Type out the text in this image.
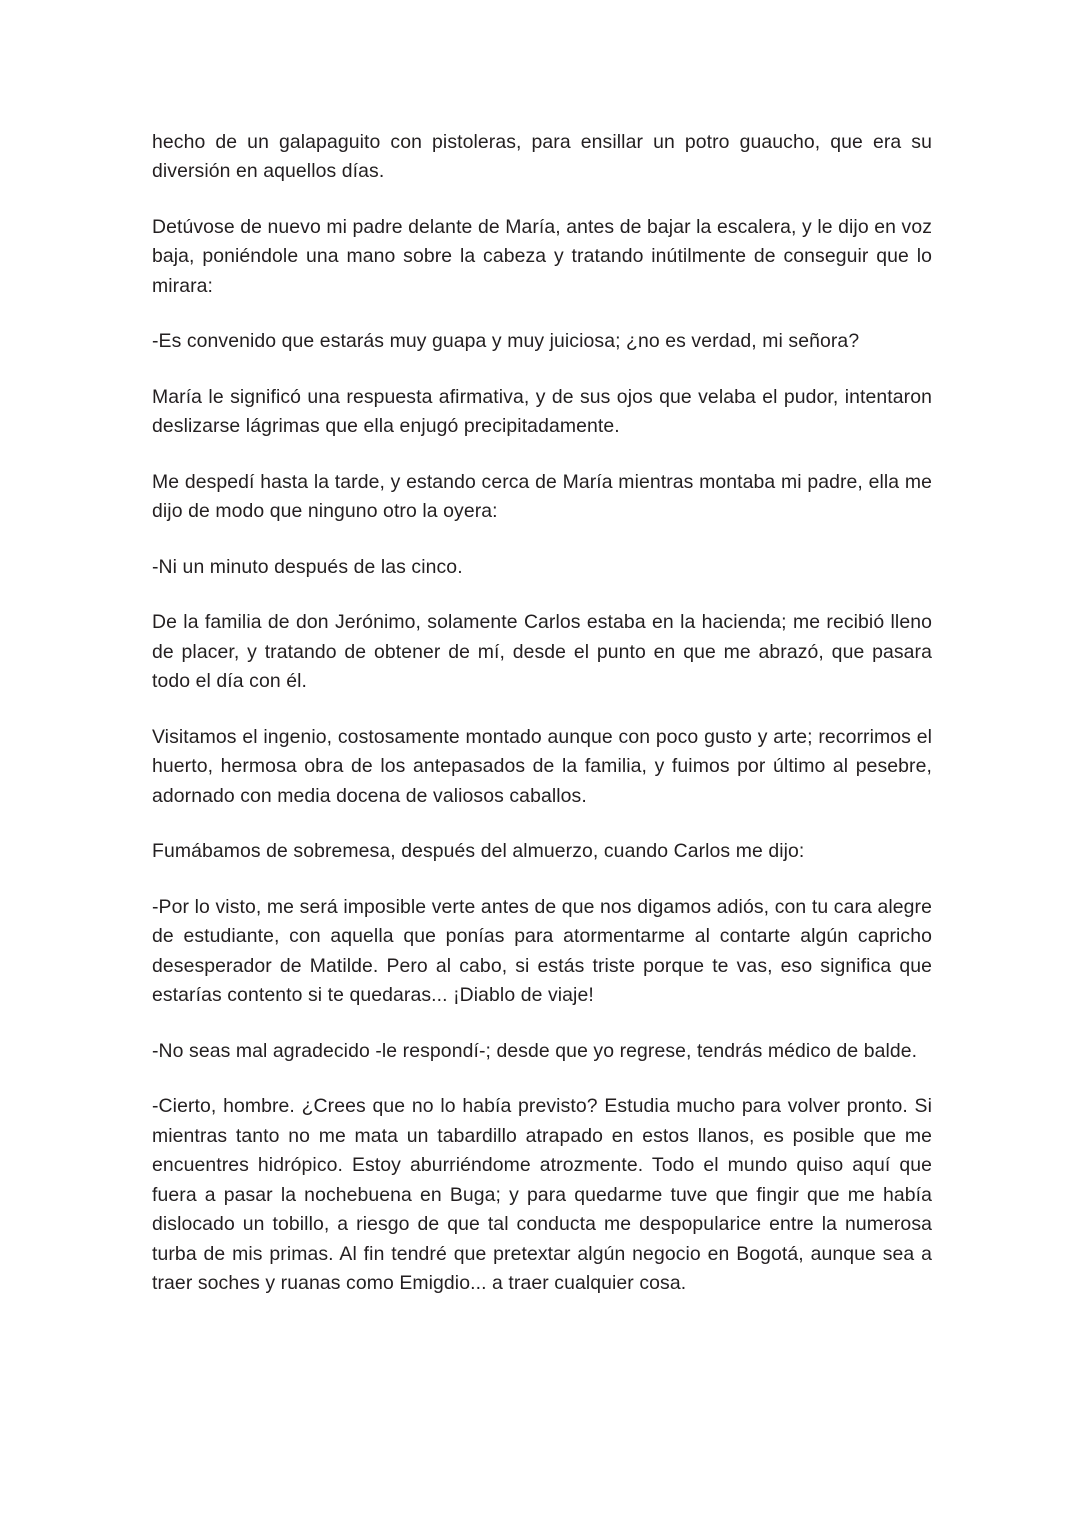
hecho de un galapaguito con pistoleras, para ensillar un potro guaucho, que era su diversión en aquellos días.

Detúvose de nuevo mi padre delante de María, antes de bajar la escalera, y le dijo en voz baja, poniéndole una mano sobre la cabeza y tratando inútilmente de conseguir que lo mirara:

-Es convenido que estarás muy guapa y muy juiciosa; ¿no es verdad, mi señora?

María le significó una respuesta afirmativa, y de sus ojos que velaba el pudor, intentaron deslizarse lágrimas que ella enjugó precipitadamente.

Me despedí hasta la tarde, y estando cerca de María mientras montaba mi padre, ella me dijo de modo que ninguno otro la oyera:

-Ni un minuto después de las cinco.

De la familia de don Jerónimo, solamente Carlos estaba en la hacienda; me recibió lleno de placer, y tratando de obtener de mí, desde el punto en que me abrazó, que pasara todo el día con él.

Visitamos el ingenio, costosamente montado aunque con poco gusto y arte; recorrimos el huerto, hermosa obra de los antepasados de la familia, y fuimos por último al pesebre, adornado con media docena de valiosos caballos.

Fumábamos de sobremesa, después del almuerzo, cuando Carlos me dijo:

-Por lo visto, me será imposible verte antes de que nos digamos adiós, con tu cara alegre de estudiante, con aquella que ponías para atormentarme al contarte algún capricho desesperador de Matilde. Pero al cabo, si estás triste porque te vas, eso significa que estarías contento si te quedaras... ¡Diablo de viaje!

-No seas mal agradecido -le respondí-; desde que yo regrese, tendrás médico de balde.

-Cierto, hombre. ¿Crees que no lo había previsto? Estudia mucho para volver pronto. Si mientras tanto no me mata un tabardillo atrapado en estos llanos, es posible que me encuentres hidrópico. Estoy aburriéndome atrozmente. Todo el mundo quiso aquí que fuera a pasar la nochebuena en Buga; y para quedarme tuve que fingir que me había dislocado un tobillo, a riesgo de que tal conducta me despopularice entre la numerosa turba de mis primas. Al fin tendré que pretextar algún negocio en Bogotá, aunque sea a traer soches y ruanas como Emigdio... a traer cualquier cosa.
